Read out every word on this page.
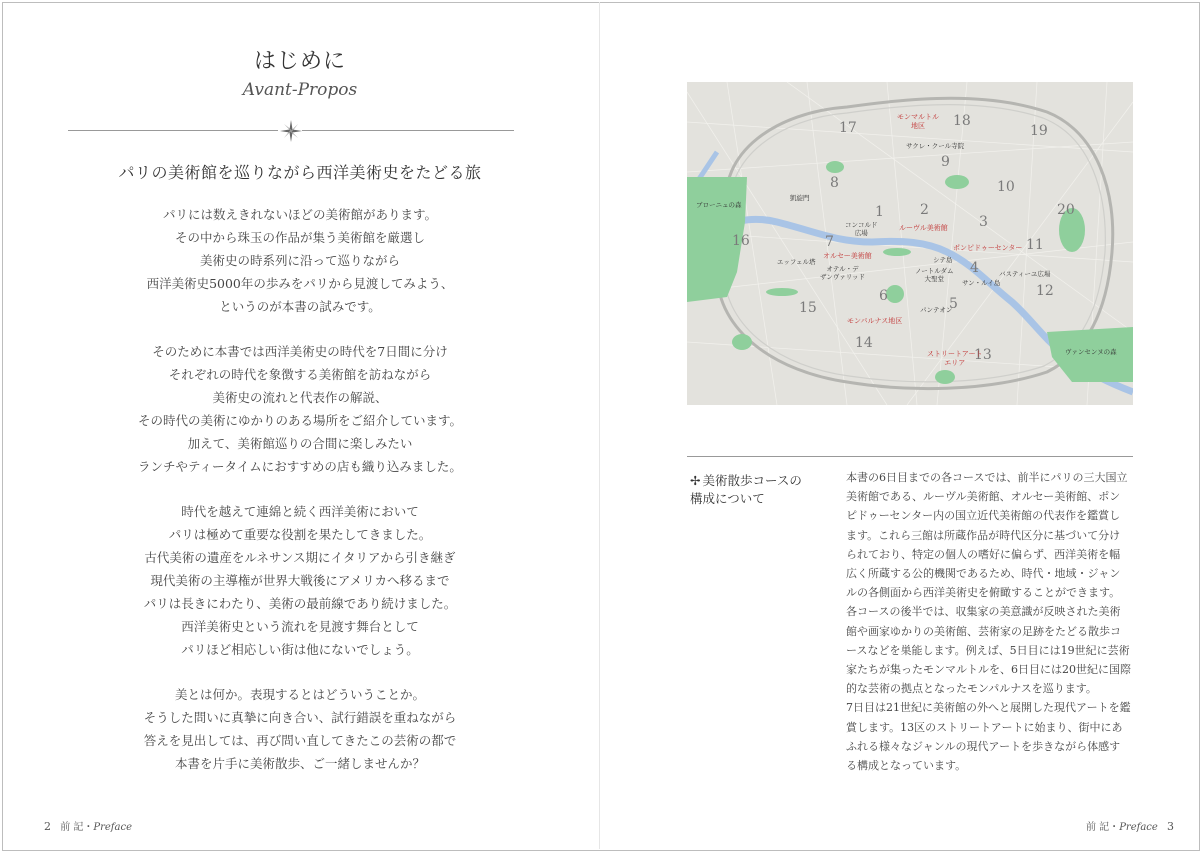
はじめに
Avant-Propos
パリの美術館を巡りながら西洋美術史をたどる旅

パリには数えきれないほどの美術館があります。
その中から珠玉の作品が集う美術館を厳選し
美術史の時系列に沿って巡りながら
西洋美術史5000年の歩みをパリから見渡してみよう、
というのが本書の試みです。

そのために本書では西洋美術史の時代を7日間に分け
それぞれの時代を象徴する美術館を訪ねながら
美術史の流れと代表作の解説、
その時代の美術にゆかりのある場所をご紹介しています。
加えて、美術館巡りの合間に楽しみたい
ランチやティータイムにおすすめの店も織り込みました。

時代を越えて連綿と続く西洋美術において
パリは極めて重要な役割を果たしてきました。
古代美術の遺産をルネサンス期にイタリアから引き継ぎ
現代美術の主導権が世界大戦後にアメリカへ移るまで
パリは長きにわたり、美術の最前線であり続けました。
西洋美術史という流れを見渡す舞台として
パリほど相応しい街は他にないでしょう。

美とは何か。表現するとはどういうことか。
そうした問いに真摯に向き合い、試行錯誤を重ねながら
答えを見出しては、再び問い直してきたこの芸術の都で
本書を片手に美術散歩、ご一緒しませんか？

2 前 記・Preface
1	2
3
4
5
6
7
8
9
10
11
12
13
14
15
16
17	18
19
20
モンマルトル
地区
ルーヴル美術館
オルセー美術館
ポンピドゥーセンター
モンパルナス地区
ストリートアート
エリア
サクレ・クール寺院
凱旋門
ブローニュの森
コンコルド
広場
エッフェル塔
オテル・デ
ザンヴァリッド
シテ島
ノートルダム
大聖堂	サン・ルイ島
バスティーユ広場
パンテオン
ヴァンセンヌの森
✢ 美術散歩コースの
構成について
本書の6日目までの各コースでは、前半にパリの三大国立
美術館である、ルーヴル美術館、オルセー美術館、ポン
ピドゥーセンター内の国立近代美術館の代表作を鑑賞し
ます。これら三館は所蔵作品が時代区分に基づいて分け
られており、特定の個人の嗜好に偏らず、西洋美術を幅
広く所蔵する公的機関であるため、時代・地域・ジャン
ルの各側面から西洋美術史を俯瞰することができます。
各コースの後半では、収集家の美意識が反映された美術
館や画家ゆかりの美術館、芸術家の足跡をたどる散歩コ
ースなどを巣能します。例えば、5日目には19世紀に芸術
家たちが集ったモンマルトルを、6日目には20世紀に国際
的な芸術の拠点となったモンパルナスを巡ります。
7日目は21世紀に美術館の外へと展開した現代アートを鑑
賞します。13区のストリートアートに始まり、街中にあ
ふれる様々なジャンルの現代アートを歩きながら体感す
る構成となっています。
前 記・Preface 3
